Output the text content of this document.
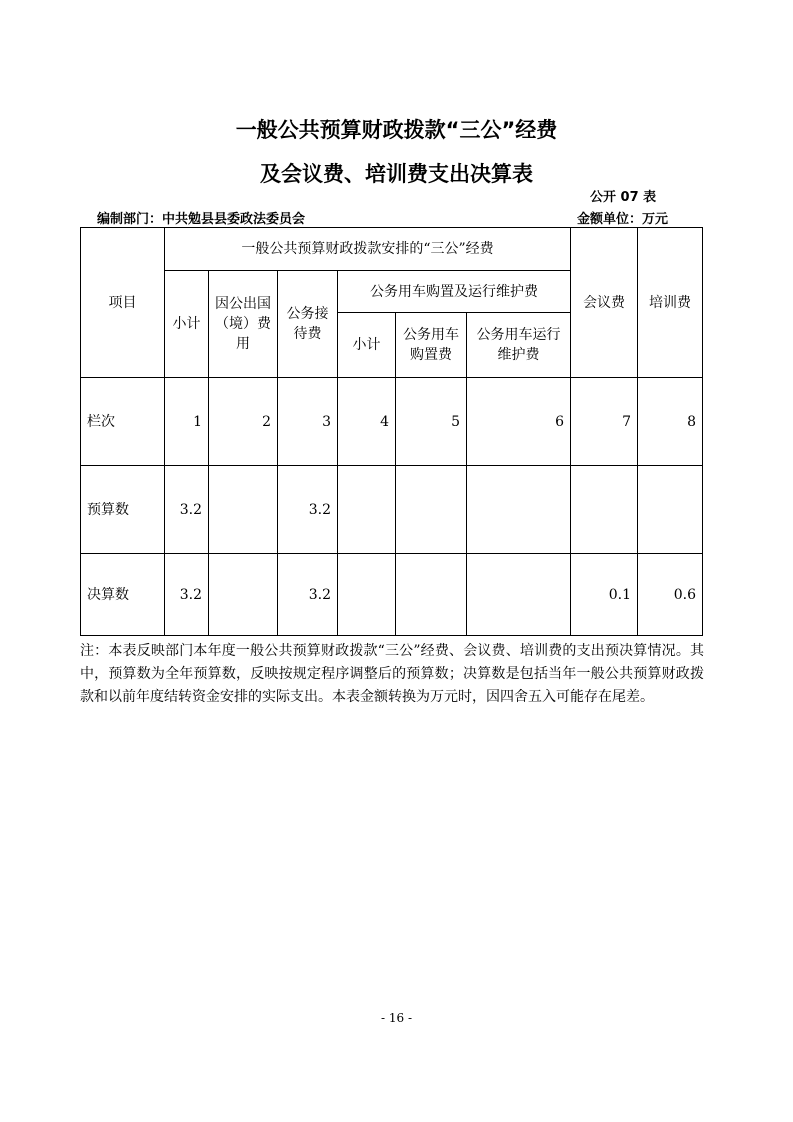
一般公共预算财政拨款“三公”经费
及会议费、培训费支出决算表
公开 07 表
编制部门：中共勉县县委政法委员会	金额单位：万元
项目	一般公共预算财政拨款安排的“三公”经费						会议费	培训费
	小计	因公出国（境）费用	公务接待费	公务用车购置及运行维护费				
				小计	公务用车购置费	公务用车运行维护费		
栏次	1	2	3	4	5	6	7	8
预算数	3.2		3.2					
决算数	3.2		3.2				0.1	0.6
注：本表反映部门本年度一般公共预算财政拨款“三公”经费、会议费、培训费的支出预决算情况。其中，预算数为全年预算数，反映按规定程序调整后的预算数；决算数是包括当年一般公共预算财政拨款和以前年度结转资金安排的实际支出。本表金额转换为万元时，因四舍五入可能存在尾差。
- 16 -
